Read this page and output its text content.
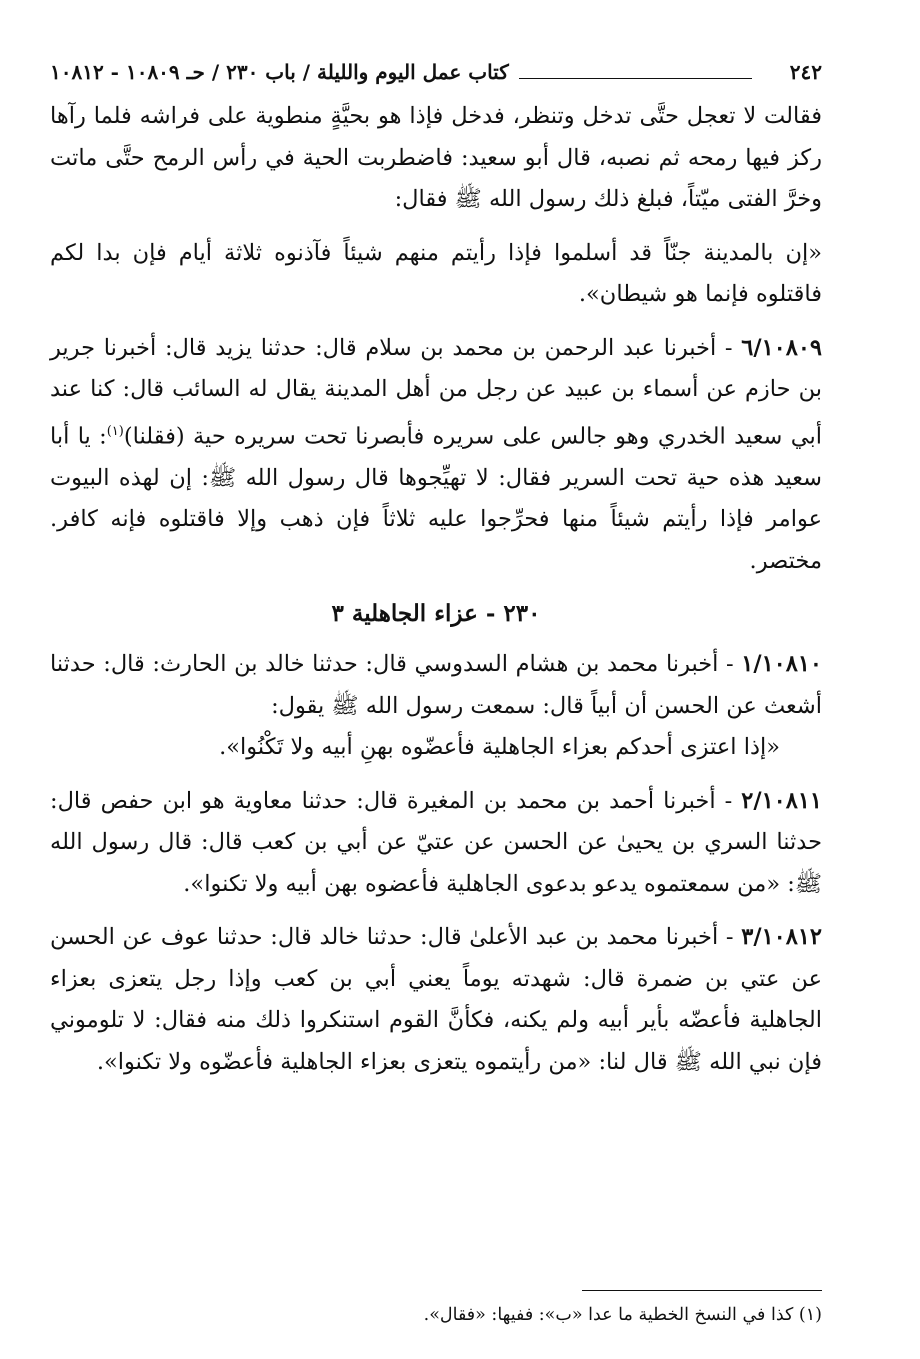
٢٤٢
كتاب عمل اليوم والليلة / باب ٢٣٠ / حـ ١٠٨٠٩ - ١٠٨١٢

فقالت لا تعجل حتَّى تدخل وتنظر، فدخل فإذا هو بحيَّةٍ منطوية على فراشه فلما رآها ركز فيها رمحه ثم نصبه، قال أبو سعيد: فاضطربت الحية في رأس الرمح حتَّى ماتت وخرَّ الفتى ميّتاً، فبلغ ذلك رسول الله ﷺ فقال:

«إن بالمدينة جنّاً قد أسلموا فإذا رأيتم منهم شيئاً فآذنوه ثلاثة أيام فإن بدا لكم فاقتلوه فإنما هو شيطان».

٦/١٠٨٠٩ - أخبرنا عبد الرحمن بن محمد بن سلام قال: حدثنا يزيد قال: أخبرنا جرير بن حازم عن أسماء بن عبيد عن رجل من أهل المدينة يقال له السائب قال: كنا عند أبي سعيد الخدري وهو جالس على سريره فأبصرنا تحت سريره حية (فقلنا)$^{(١)}$: يا أبا سعيد هذه حية تحت السرير فقال: لا تهيِّجوها قال رسول الله ﷺ: إن لهذه البيوت عوامر فإذا رأيتم شيئاً منها فحرِّجوا عليه ثلاثاً فإن ذهب وإلا فاقتلوه فإنه كافر. مختصر.

٢٣٠ - عزاء الجاهلية ٣

١/١٠٨١٠ - أخبرنا محمد بن هشام السدوسي قال: حدثنا خالد بن الحارث: قال: حدثنا أشعث عن الحسن أن أبياً قال: سمعت رسول الله ﷺ يقول:

«إذا اعتزى أحدكم بعزاء الجاهلية فأعضّوه بهنِ أبيه ولا تَكْنُوا».

٢/١٠٨١١ - أخبرنا أحمد بن محمد بن المغيرة قال: حدثنا معاوية هو ابن حفص قال: حدثنا السري بن يحيىٰ عن الحسن عن عتيّ عن أبي بن كعب قال: قال رسول الله ﷺ: «من سمعتموه يدعو بدعوى الجاهلية فأعضوه بهن أبيه ولا تكنوا».

٣/١٠٨١٢ - أخبرنا محمد بن عبد الأعلىٰ قال: حدثنا خالد قال: حدثنا عوف عن الحسن عن عتي بن ضمرة قال: شهدته يوماً يعني أبي بن كعب وإذا رجل يتعزى بعزاء الجاهلية فأعضّه بأير أبيه ولم يكنه، فكأنَّ القوم استنكروا ذلك منه فقال: لا تلوموني فإن نبي الله ﷺ قال لنا: «من رأيتموه يتعزى بعزاء الجاهلية فأعضّوه ولا تكنوا».

(١) كذا في النسخ الخطية ما عدا «ب»: ففيها: «فقال».
